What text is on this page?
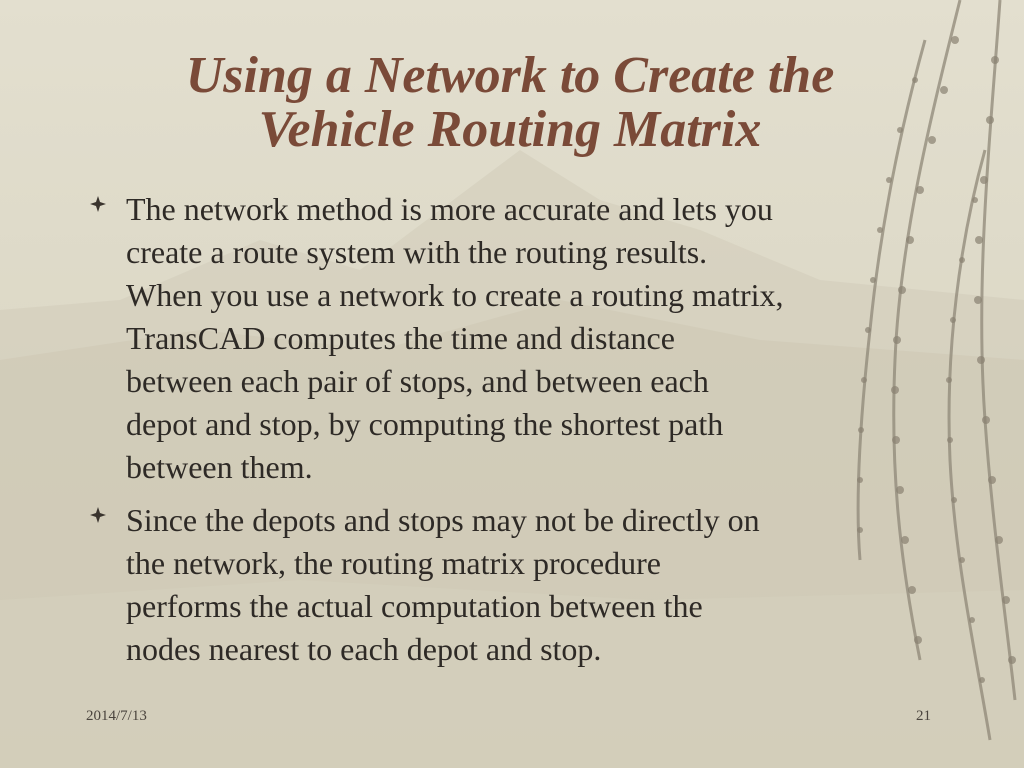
Using a Network to Create the
Vehicle Routing Matrix
The network method is more accurate and lets you
create a route system with the routing results.
When you use a network to create a routing matrix,
TransCAD computes the time and distance
between each pair of stops, and between each
depot and stop, by computing the shortest path
between them.
Since the depots and stops may not be directly on
the network, the routing matrix procedure
performs the actual computation between the
nodes nearest to each depot and stop.
2014/7/13	21
